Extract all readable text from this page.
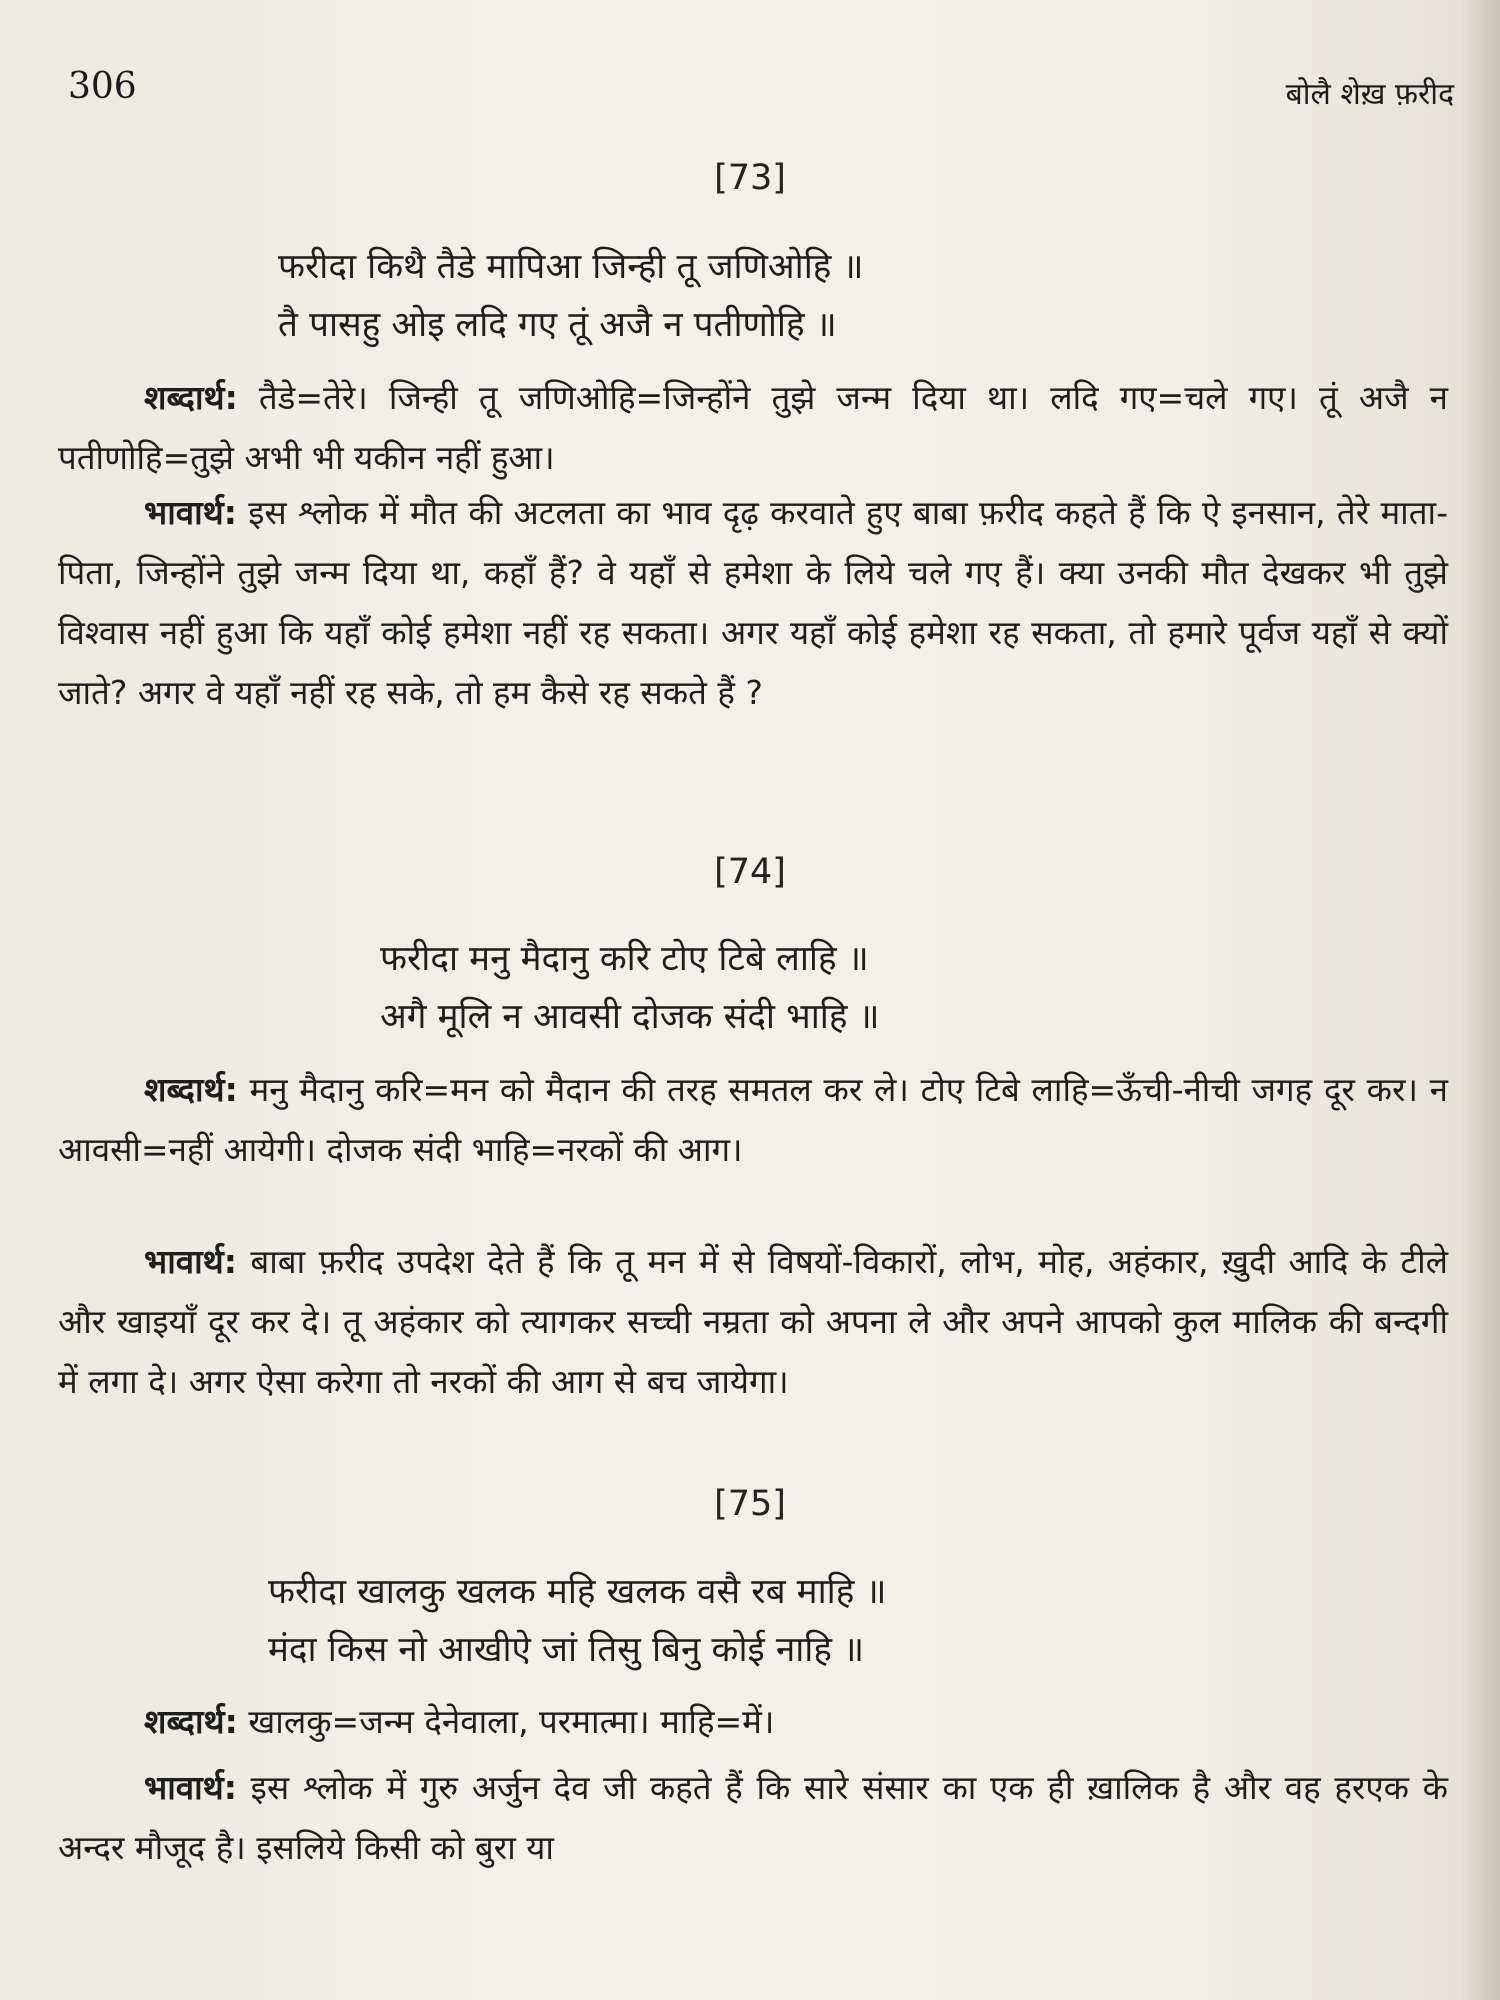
306	बोलै शेख़ फ़रीद
[73]
फरीदा किथै तैडे मापिआ जिन्ही तू जणिओहि ॥
तै पासहु ओइ लदि गए तूं अजै न पतीणोहि ॥
शब्दार्थ: तैडे=तेरे। जिन्ही तू जणिओहि=जिन्होंने तुझे जन्म दिया था। लदि गए=चले गए। तूं अजै न पतीणोहि=तुझे अभी भी यकीन नहीं हुआ।
भावार्थ: इस श्लोक में मौत की अटलता का भाव दृढ़ करवाते हुए बाबा फ़रीद कहते हैं कि ऐ इनसान, तेरे माता-पिता, जिन्होंने तुझे जन्म दिया था, कहाँ हैं? वे यहाँ से हमेशा के लिये चले गए हैं। क्या उनकी मौत देखकर भी तुझे विश्वास नहीं हुआ कि यहाँ कोई हमेशा नहीं रह सकता। अगर यहाँ कोई हमेशा रह सकता, तो हमारे पूर्वज यहाँ से क्यों जाते? अगर वे यहाँ नहीं रह सके, तो हम कैसे रह सकते हैं ?
[74]
फरीदा मनु मैदानु करि टोए टिबे लाहि ॥
अगै मूलि न आवसी दोजक संदी भाहि ॥
शब्दार्थ: मनु मैदानु करि=मन को मैदान की तरह समतल कर ले। टोए टिबे लाहि=ऊँची-नीची जगह दूर कर। न आवसी=नहीं आयेगी। दोजक संदी भाहि=नरकों की आग।
भावार्थ: बाबा फ़रीद उपदेश देते हैं कि तू मन में से विषयों-विकारों, लोभ, मोह, अहंकार, ख़ुदी आदि के टीले और खाइयाँ दूर कर दे। तू अहंकार को त्यागकर सच्ची नम्रता को अपना ले और अपने आपको कुल मालिक की बन्दगी में लगा दे। अगर ऐसा करेगा तो नरकों की आग से बच जायेगा।
[75]
फरीदा खालकु खलक महि खलक वसै रब माहि ॥
मंदा किस नो आखीऐ जां तिसु बिनु कोई नाहि ॥
शब्दार्थ: खालकु=जन्म देनेवाला, परमात्मा। माहि=में।
भावार्थ: इस श्लोक में गुरु अर्जुन देव जी कहते हैं कि सारे संसार का एक ही ख़ालिक है और वह हरएक के अन्दर मौजूद है। इसलिये किसी को बुरा या
